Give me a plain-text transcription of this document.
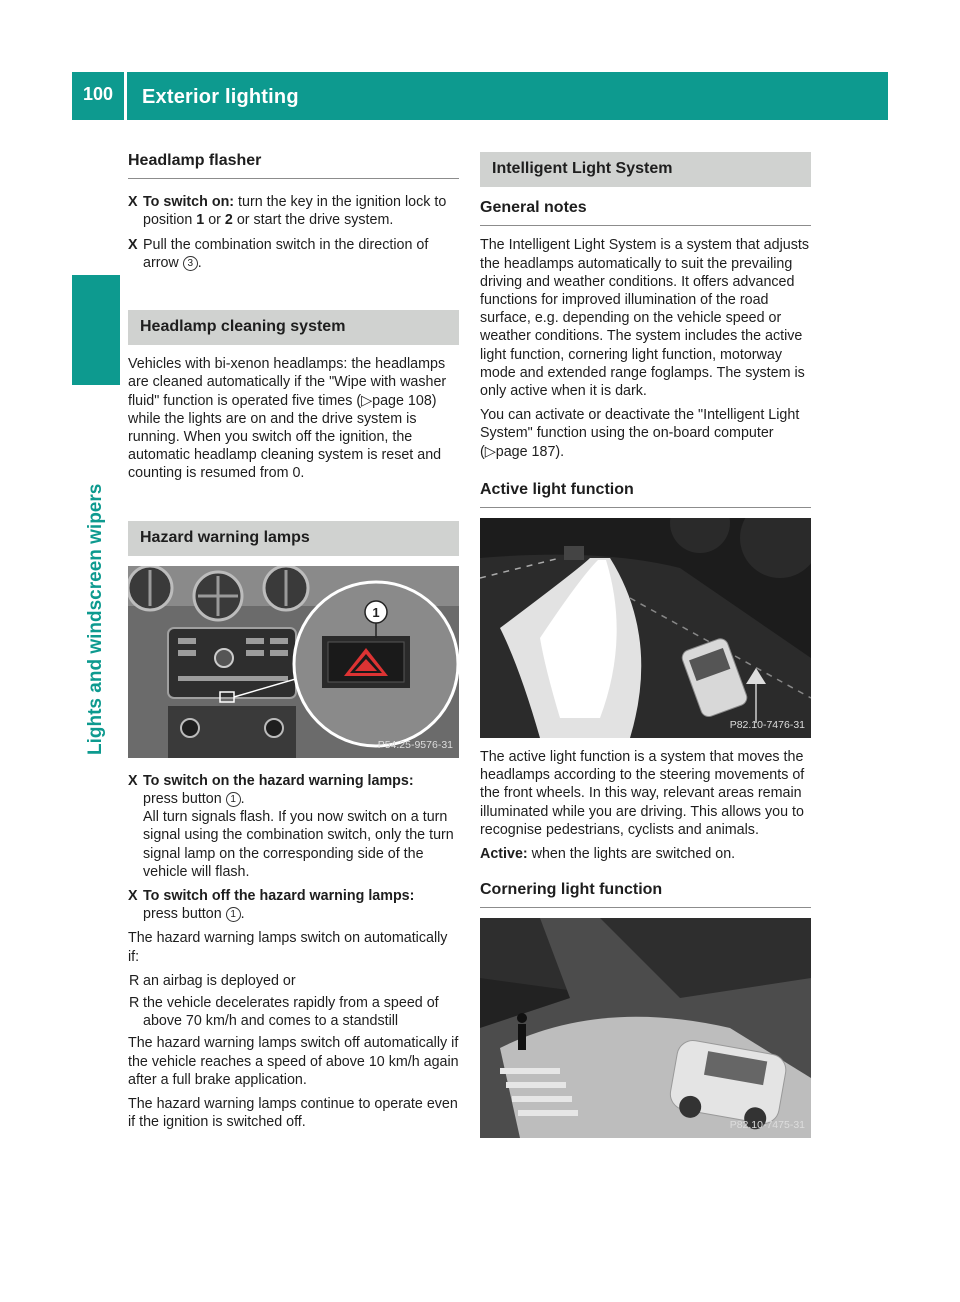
100	Exterior lighting
Lights and windscreen wipers
Headlamp flasher
X To switch on: turn the key in the ignition lock to position 1 or 2 or start the drive system.
X Pull the combination switch in the direction of arrow 3 .
Headlamp cleaning system

Vehicles with bi-xenon headlamps: the headlamps are cleaned automatically if the "Wipe with washer fluid" function is operated five times (▷page 108) while the lights are on and the drive system is running. When you switch off the ignition, the automatic headlamp cleaning system is reset and counting is resumed from 0.

Hazard warning lamps
1
P54.25-9576-31
X To switch on the hazard warning lamps:
press button 1 .
All turn signals flash. If you now switch on a turn signal using the combination switch, only the turn signal lamp on the corresponding side of the vehicle will flash.
X To switch off the hazard warning lamps:
press button 1 .

The hazard warning lamps switch on automatically if:

R an airbag is deployed or
R the vehicle decelerates rapidly from a speed of above 70 km/h and comes to a standstill

The hazard warning lamps switch off automatically if the vehicle reaches a speed of above 10 km/h again after a full brake application.

The hazard warning lamps continue to operate even if the ignition is switched off.

Intelligent Light System
General notes

The Intelligent Light System is a system that adjusts the headlamps automatically to suit the prevailing driving and weather conditions. It offers advanced functions for improved illumination of the road surface, e.g. depending on the vehicle speed or weather conditions. The system includes the active light function, cornering light function, motorway mode and extended range foglamps. The system is only active when it is dark.

You can activate or deactivate the "Intelligent Light System" function using the on-board computer (▷page 187).

Active light function
P82.10-7476-31

The active light function is a system that moves the headlamps according to the steering movements of the front wheels. In this way, relevant areas remain illuminated while you are driving. This allows you to recognise pedestrians, cyclists and animals.

Active: when the lights are switched on.

Cornering light function
P82.10-7475-31
